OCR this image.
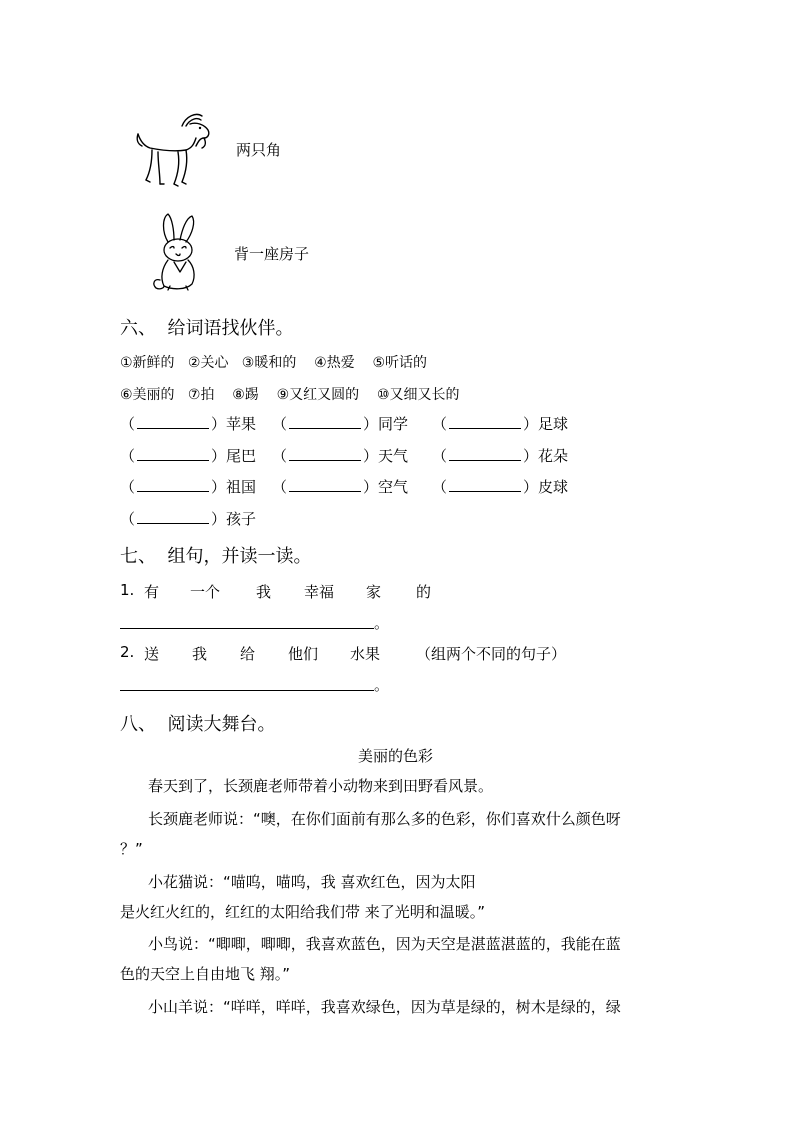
两只角
背一座房子
六、  给词语找伙伴。
①新鲜的   ②关心   ③暖和的    ④热爱    ⑤听话的
⑥美丽的   ⑦拍    ⑧踢    ⑨又红又圆的    ⑩又细又长的
（	）苹果 （	）同学 （	）足球
（	）尾巴 （	）天气 （	）花朵
（	）祖国 （	）空气 （	）皮球
（	）孩子
七、  组句，并读一读。
1. 有 一个 我 幸福 家 的
。
2. 送 我 给 他们 水果 （组两个不同的句子）
。
八、  阅读大舞台。
美丽的色彩
春天到了，长颈鹿老师带着小动物来到田野看风景。
长颈鹿老师说：“噢，在你们面前有那么多的色彩，你们喜欢什么颜色呀
？”
小花猫说：“喵呜，喵呜，我 喜欢红色，因为太阳
是火红火红的，红红的太阳给我们带 来了光明和温暖。”
小鸟说：“唧唧，唧唧，我喜欢蓝色，因为天空是湛蓝湛蓝的，我能在蓝
色的天空上自由地飞 翔。”
小山羊说：“咩咩，咩咩，我喜欢绿色，因为草是绿的，树木是绿的，绿
